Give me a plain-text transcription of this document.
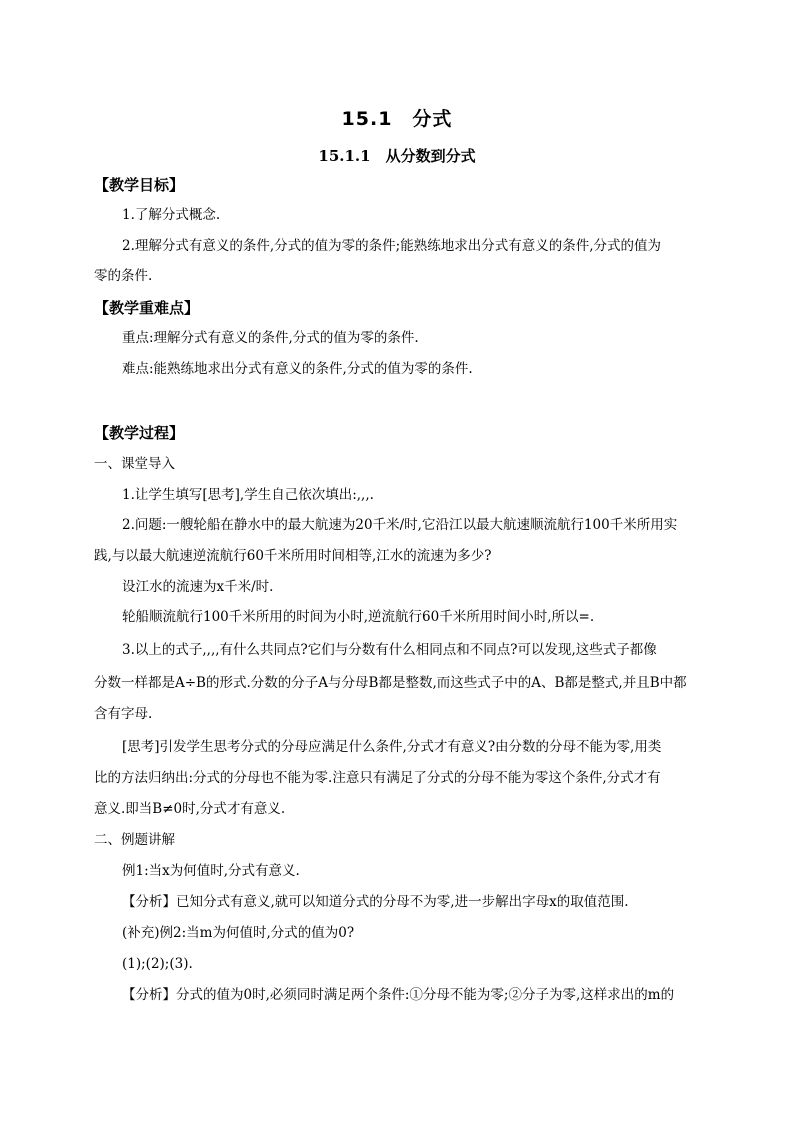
15.1　分式
15.1.1　从分数到分式
【教学目标】
1.了解分式概念.
2.理解分式有意义的条件,分式的值为零的条件;能熟练地求出分式有意义的条件,分式的值为
零的条件.
【教学重难点】
重点:理解分式有意义的条件,分式的值为零的条件.
难点:能熟练地求出分式有意义的条件,分式的值为零的条件.
【教学过程】
一、课堂导入
1.让学生填写[思考],学生自己依次填出:,,,.
2.问题:一艘轮船在静水中的最大航速为20千米/时,它沿江以最大航速顺流航行100千米所用实
践,与以最大航速逆流航行60千米所用时间相等,江水的流速为多少?
设江水的流速为x千米/时.
轮船顺流航行100千米所用的时间为小时,逆流航行60千米所用时间小时,所以=.
3.以上的式子,,,,有什么共同点?它们与分数有什么相同点和不同点?可以发现,这些式子都像
分数一样都是A÷B的形式.分数的分子A与分母B都是整数,而这些式子中的A、B都是整式,并且B中都
含有字母.
[思考]引发学生思考分式的分母应满足什么条件,分式才有意义?由分数的分母不能为零,用类
比的方法归纳出:分式的分母也不能为零.注意只有满足了分式的分母不能为零这个条件,分式才有
意义.即当B≠0时,分式才有意义.
二、例题讲解
例1:当x为何值时,分式有意义.
【分析】已知分式有意义,就可以知道分式的分母不为零,进一步解出字母x的取值范围.
(补充)例2:当m为何值时,分式的值为0?
(1);(2);(3).
【分析】分式的值为0时,必须同时满足两个条件:①分母不能为零;②分子为零,这样求出的m的
